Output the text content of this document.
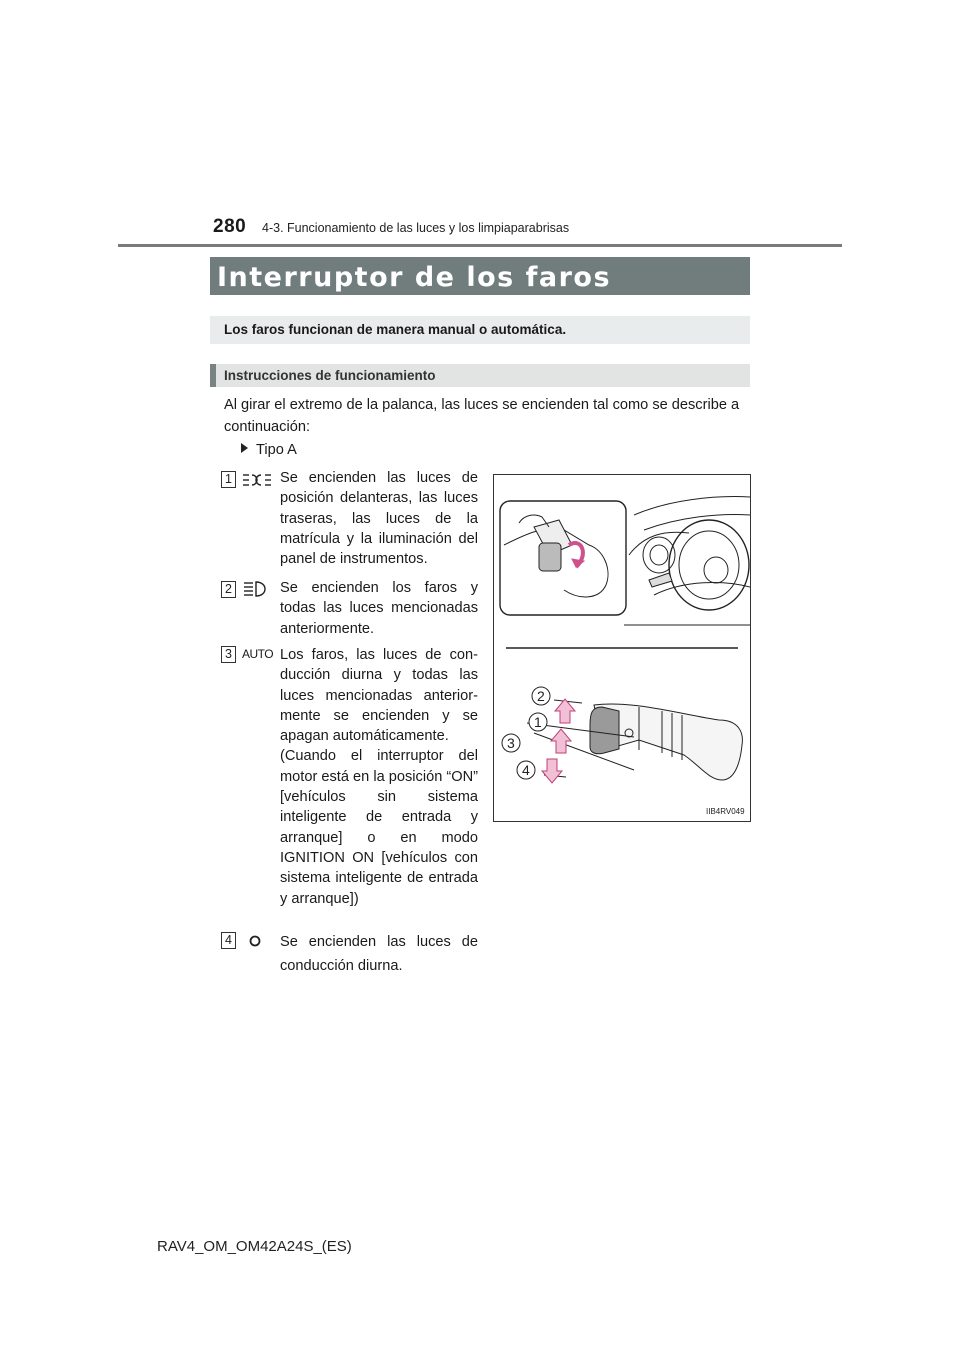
280 4-3. Funcionamiento de las luces y los limpiaparabrisas
Interruptor de los faros
Los faros funcionan de manera manual o automática.
Instrucciones de funcionamiento
Al girar el extremo de la palanca, las luces se encienden tal como se describe a continuación:
Tipo A
1	Se encienden las luces de posición delanteras, las luces traseras, las luces de la matrícula y la iluminación del panel de instrumentos.
2	Se encienden los faros y todas las luces mencionadas anteriormente.
3 AUTO Los faros, las luces de con-ducción diurna y todas las luces mencionadas anterior-mente se encienden y se apagan automáticamente.
(Cuando el interruptor del motor está en la posición “ON” [vehículos sin sistema inteligente de entrada y arranque] o en modo IGNITION ON [vehículos con sistema inteligente de entrada y arranque])
4	Se encienden las luces de conducción diurna.
2
1
3
4
IIB4RV049
RAV4_OM_OM42A24S_(ES)
